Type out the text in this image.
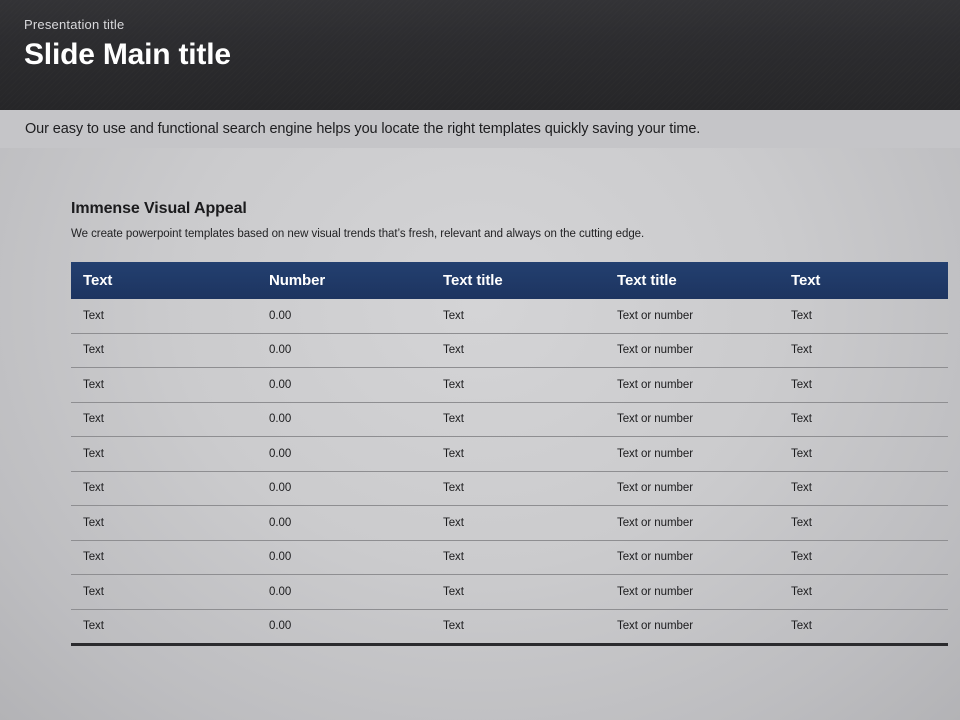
Presentation title
Slide Main title
Our easy to use and functional search engine helps you locate the right templates quickly saving your time.
Immense Visual Appeal
We create powerpoint templates based on new visual trends that’s fresh, relevant and always on the cutting edge.
Text	Number	Text title	Text title	Text
Text	0.00	Text	Text or number	Text
Text	0.00	Text	Text or number	Text
Text	0.00	Text	Text or number	Text
Text	0.00	Text	Text or number	Text
Text	0.00	Text	Text or number	Text
Text	0.00	Text	Text or number	Text
Text	0.00	Text	Text or number	Text
Text	0.00	Text	Text or number	Text
Text	0.00	Text	Text or number	Text
Text	0.00	Text	Text or number	Text
